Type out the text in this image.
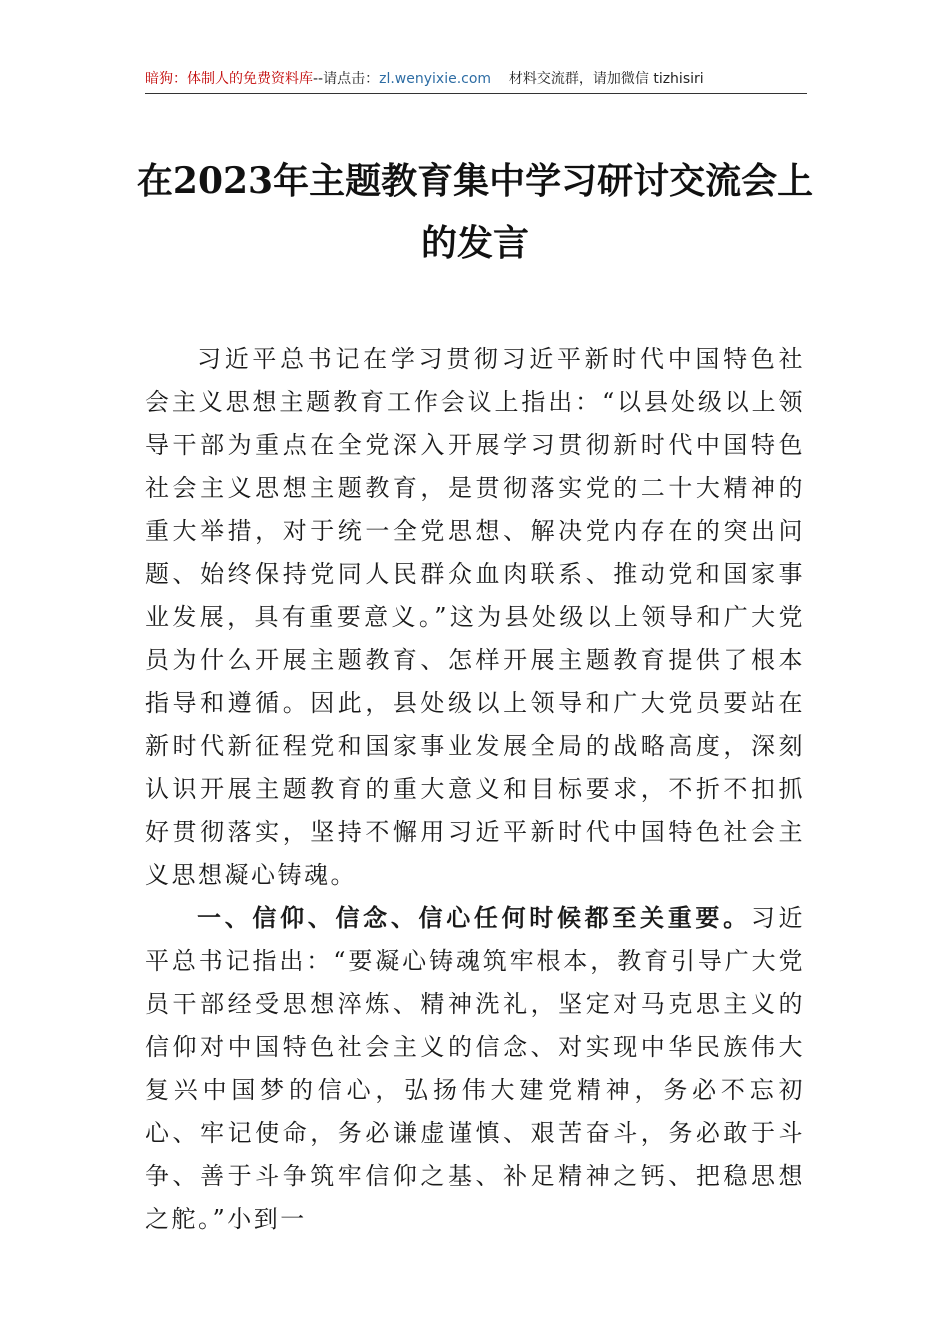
暗狗：体制人的免费资料库--请点击：zl.wenyixie.com 材料交流群，请加微信 tizhisiri
在2023年主题教育集中学习研讨交流会上
的发言

习近平总书记在学习贯彻习近平新时代中国特色社会主义思想主题教育工作会议上指出：“以县处级以上领导干部为重点在全党深入开展学习贯彻新时代中国特色社会主义思想主题教育，是贯彻落实党的二十大精神的重大举措，对于统一全党思想、解决党内存在的突出问题、始终保持党同人民群众血肉联系、推动党和国家事业发展，具有重要意义。”这为县处级以上领导和广大党员为什么开展主题教育、怎样开展主题教育提供了根本指导和遵循。因此，县处级以上领导和广大党员要站在新时代新征程党和国家事业发展全局的战略高度，深刻认识开展主题教育的重大意义和目标要求，不折不扣抓好贯彻落实，坚持不懈用习近平新时代中国特色社会主义思想凝心铸魂。

一、信仰、信念、信心任何时候都至关重要。习近平总书记指出：“要凝心铸魂筑牢根本，教育引导广大党员干部经受思想淬炼、精神洗礼，坚定对马克思主义的信仰对中国特色社会主义的信念、对实现中华民族伟大复兴中国梦的信心，弘扬伟大建党精神，务必不忘初心、牢记使命，务必谦虚谨慎、艰苦奋斗，务必敢于斗争、善于斗争筑牢信仰之基、补足精神之钙、把稳思想之舵。”小到一
